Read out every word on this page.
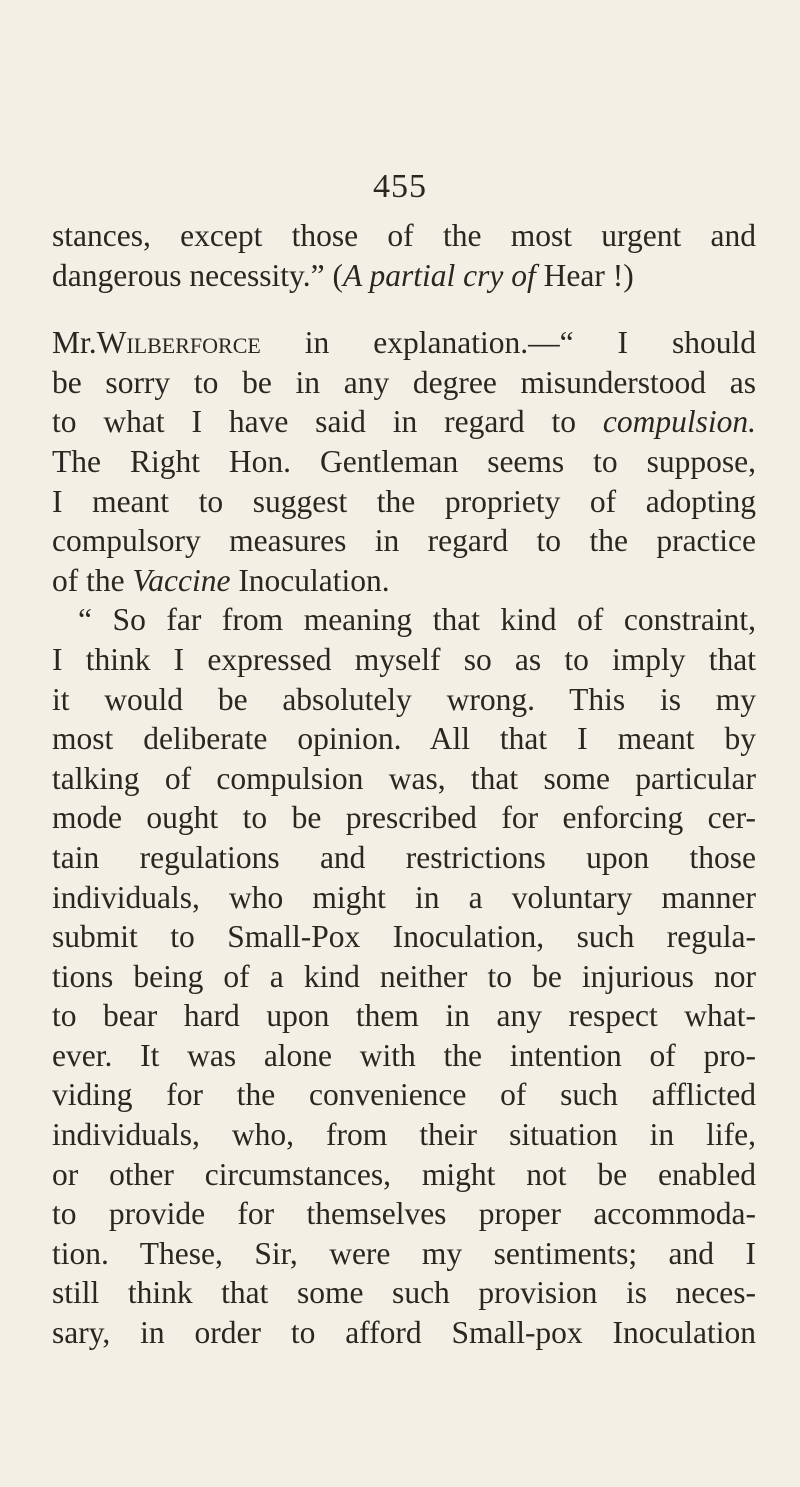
455
stances, except those of the most urgent and
dangerous necessity.” (A partial cry of Hear !)
Mr.Wilberforce in explanation.—“ I should
be sorry to be in any degree misunderstood as
to what I have said in regard to compulsion.
The Right Hon. Gentleman seems to suppose,
I meant to suggest the propriety of adopting
compulsory measures in regard to the practice
of the Vaccine Inoculation.
“ So far from meaning that kind of constraint,
I think I expressed myself so as to imply that
it would be absolutely wrong. This is my
most deliberate opinion. All that I meant by
talking of compulsion was, that some particular
mode ought to be prescribed for enforcing cer-
tain regulations and restrictions upon those
individuals, who might in a voluntary manner
submit to Small-Pox Inoculation, such regula-
tions being of a kind neither to be injurious nor
to bear hard upon them in any respect what-
ever. It was alone with the intention of pro-
viding for the convenience of such afflicted
individuals, who, from their situation in life,
or other circumstances, might not be enabled
to provide for themselves proper accommoda-
tion. These, Sir, were my sentiments; and I
still think that some such provision is neces-
sary, in order to afford Small-pox Inoculation
